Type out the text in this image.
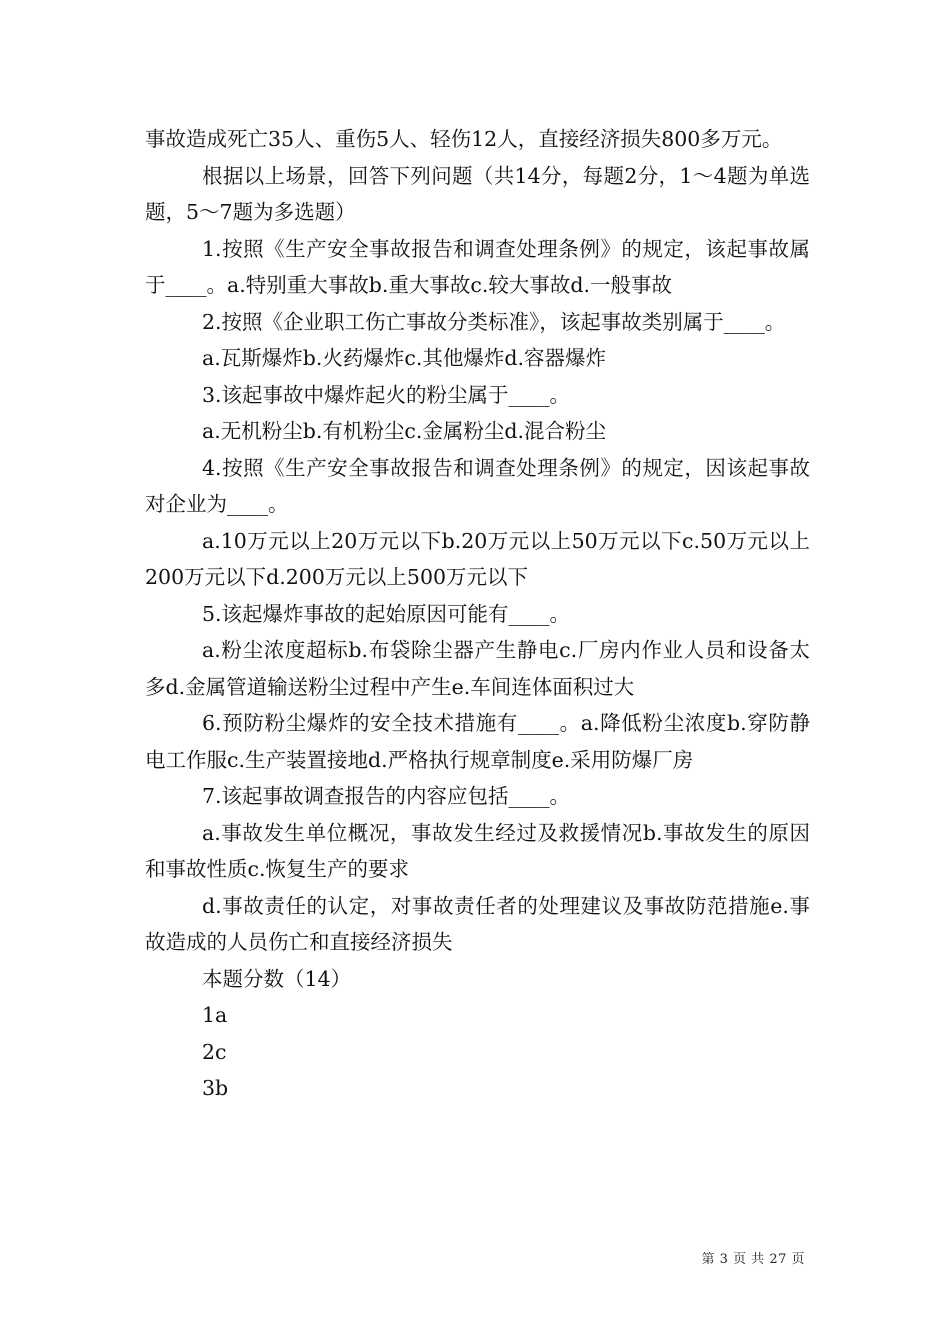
事故造成死亡35人、重伤5人、轻伤12人，直接经济损失800多万元。

根据以上场景，回答下列问题（共14分，每题2分，1～4题为单选题，5～7题为多选题）

1.按照《生产安全事故报告和调查处理条例》的规定，该起事故属于____。a.特别重大事故b.重大事故c.较大事故d.一般事故

2.按照《企业职工伤亡事故分类标准》，该起事故类别属于____。

a.瓦斯爆炸b.火药爆炸c.其他爆炸d.容器爆炸

3.该起事故中爆炸起火的粉尘属于____。

a.无机粉尘b.有机粉尘c.金属粉尘d.混合粉尘

4.按照《生产安全事故报告和调查处理条例》的规定，因该起事故对企业为____。

a.10万元以上20万元以下b.20万元以上50万元以下c.50万元以上200万元以下d.200万元以上500万元以下

5.该起爆炸事故的起始原因可能有____。

a.粉尘浓度超标b.布袋除尘器产生静电c.厂房内作业人员和设备太多d.金属管道输送粉尘过程中产生e.车间连体面积过大

6.预防粉尘爆炸的安全技术措施有____。a.降低粉尘浓度b.穿防静电工作服c.生产装置接地d.严格执行规章制度e.采用防爆厂房

7.该起事故调查报告的内容应包括____。

a.事故发生单位概况，事故发生经过及救援情况b.事故发生的原因和事故性质c.恢复生产的要求

d.事故责任的认定，对事故责任者的处理建议及事故防范措施e.事故造成的人员伤亡和直接经济损失

本题分数（14）

1a

2c

3b

第 3 页 共 27 页
